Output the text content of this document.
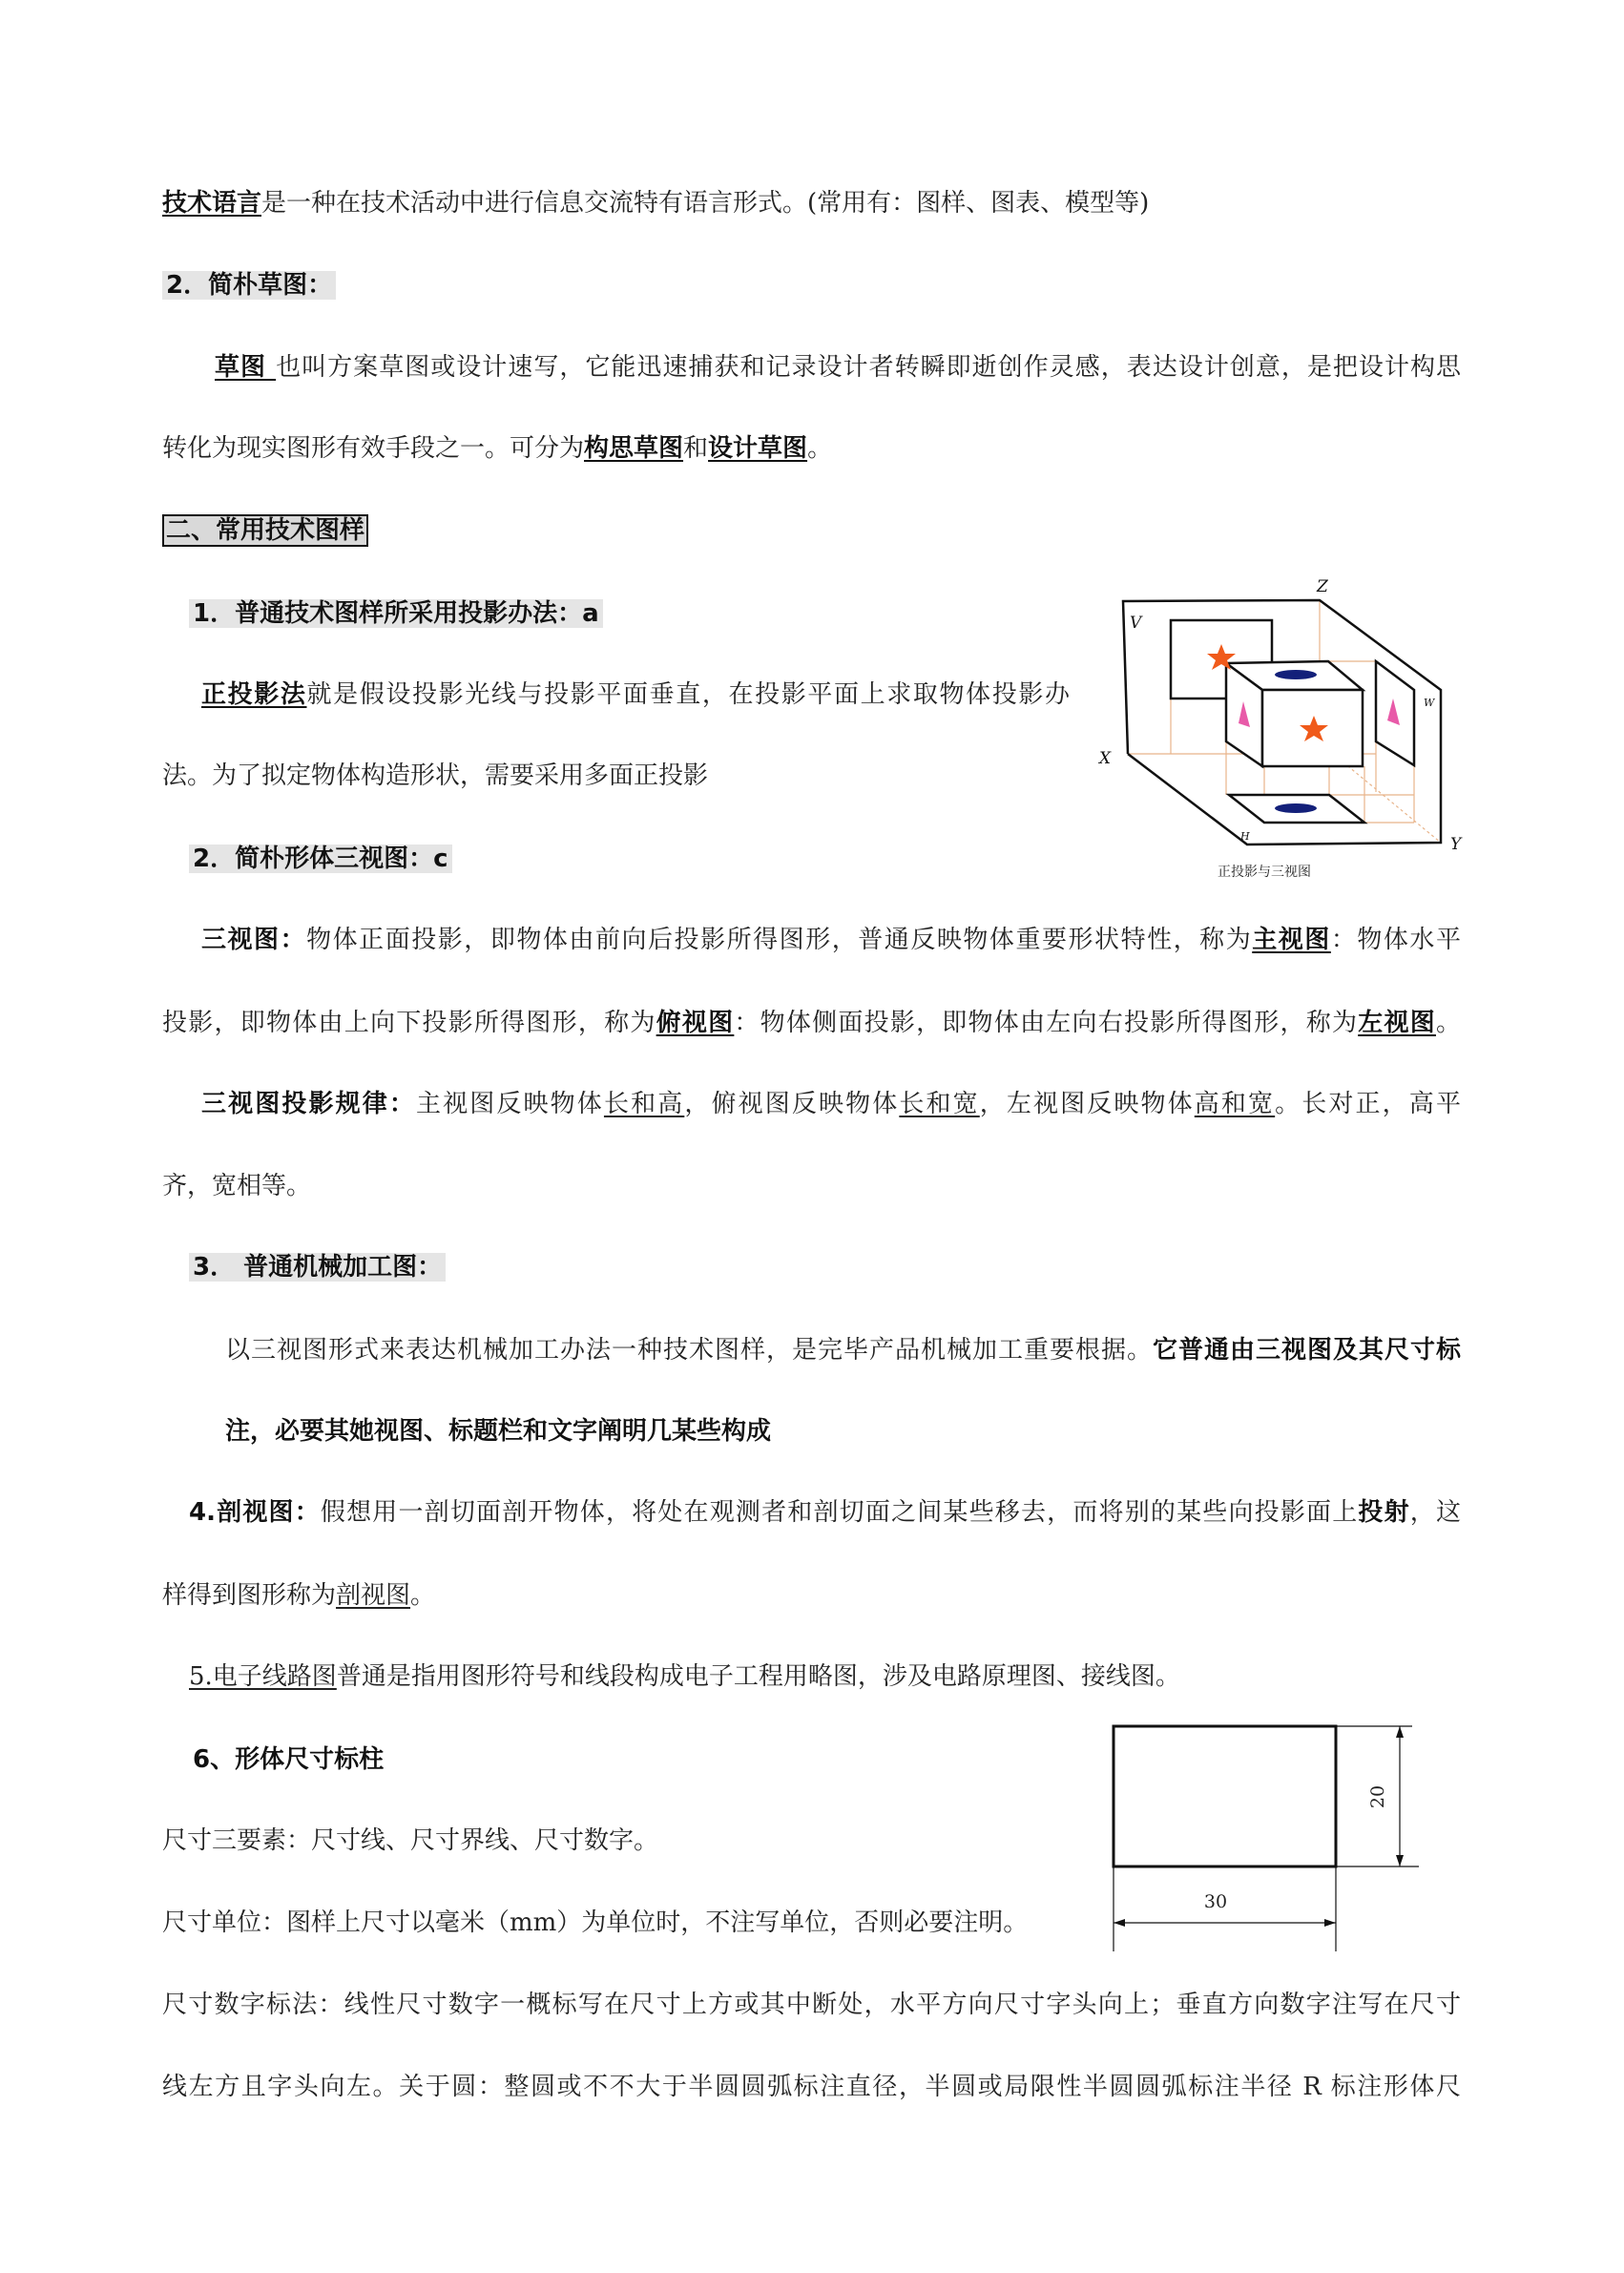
技术语言是一种在技术活动中进行信息交流特有语言形式。(常用有：图样、图表、模型等)
2．简朴草图：
草图 也叫方案草图或设计速写，它能迅速捕获和记录设计者转瞬即逝创作灵感，表达设计创意，是把设计构思
转化为现实图形有效手段之一。可分为构思草图和设计草图。
二、常用技术图样
1．普通技术图样所采用投影办法：a
正投影法就是假设投影光线与投影平面垂直，在投影平面上求取物体投影办
法。为了拟定物体构造形状，需要采用多面正投影
2．简朴形体三视图：c
三视图：物体正面投影，即物体由前向后投影所得图形，普通反映物体重要形状特性，称为主视图：物体水平
投影，即物体由上向下投影所得图形，称为俯视图：物体侧面投影，即物体由左向右投影所得图形，称为左视图。
三视图投影规律：主视图反映物体长和高，俯视图反映物体长和宽，左视图反映物体高和宽。长对正，高平
齐，宽相等。
3． 普通机械加工图：
以三视图形式来表达机械加工办法一种技术图样，是完毕产品机械加工重要根据。它普通由三视图及其尺寸标
注，必要其她视图、标题栏和文字阐明几某些构成
4.剖视图：假想用一剖切面剖开物体，将处在观测者和剖切面之间某些移去，而将别的某些向投影面上投射，这
样得到图形称为剖视图。
5.电子线路图普通是指用图形符号和线段构成电子工程用略图，涉及电路原理图、接线图。
6、形体尺寸标柱
尺寸三要素：尺寸线、尺寸界线、尺寸数字。
尺寸单位：图样上尺寸以毫米（mm）为单位时，不注写单位，否则必要注明。
尺寸数字标法：线性尺寸数字一概标写在尺寸上方或其中断处，水平方向尺寸字头向上；垂直方向数字注写在尺寸
线左方且字头向左。关于圆：整圆或不不大于半圆圆弧标注直径，半圆或局限性半圆圆弧标注半径 R 标注形体尺
V
Z
W
X
Y
H
正投影与三视图
30
20
